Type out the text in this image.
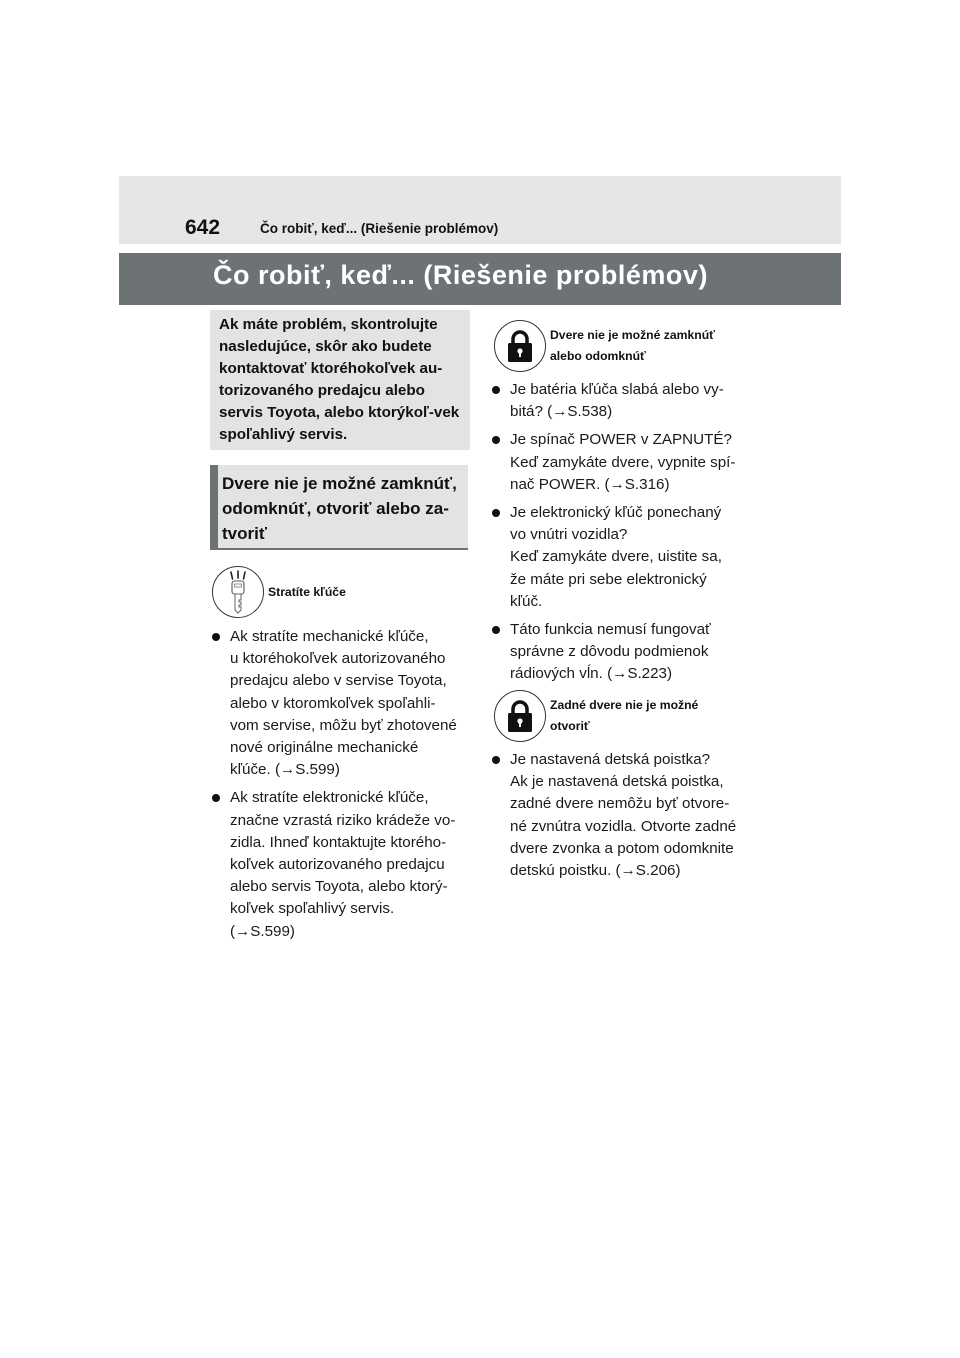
642	Čo robiť, keď... (Riešenie problémov)
Čo robiť, keď... (Riešenie problémov)
Ak máte problém, skontrolujte nasledujúce, skôr ako budete kontaktovať ktoréhokoľvek au-torizovaného predajcu alebo servis Toyota, alebo ktorýkoľ-vek spoľahlivý servis.
Dvere nie je možné zamknúť, odomknúť, otvoriť alebo za-tvoriť
Stratíte kľúče
Ak stratíte mechanické kľúče,
u ktoréhokoľvek autorizovaného
predajcu alebo v servise Toyota,
alebo v ktoromkoľvek spoľahli-
vom servise, môžu byť zhotovené
nové originálne mechanické
kľúče. (→S.599)
Ak stratíte elektronické kľúče,
značne vzrastá riziko krádeže vo-
zidla. Ihneď kontaktujte ktorého-
koľvek autorizovaného predajcu
alebo servis Toyota, alebo ktorý-
koľvek spoľahlivý servis.
(→S.599)
Dvere nie je možné zamknúť
alebo odomknúť
Je batéria kľúča slabá alebo vy-
bitá? (→S.538)
Je spínač POWER v ZAPNUTÉ?
Keď zamykáte dvere, vypnite spí-
nač POWER. (→S.316)
Je elektronický kľúč ponechaný
vo vnútri vozidla?
Keď zamykáte dvere, uistite sa,
že máte pri sebe elektronický
kľúč.
Táto funkcia nemusí fungovať
správne z dôvodu podmienok
rádiových vĺn. (→S.223)
Zadné dvere nie je možné
otvoriť
Je nastavená detská poistka?
Ak je nastavená detská poistka,
zadné dvere nemôžu byť otvore-
né zvnútra vozidla. Otvorte zadné
dvere zvonka a potom odomknite
detskú poistku. (→S.206)
